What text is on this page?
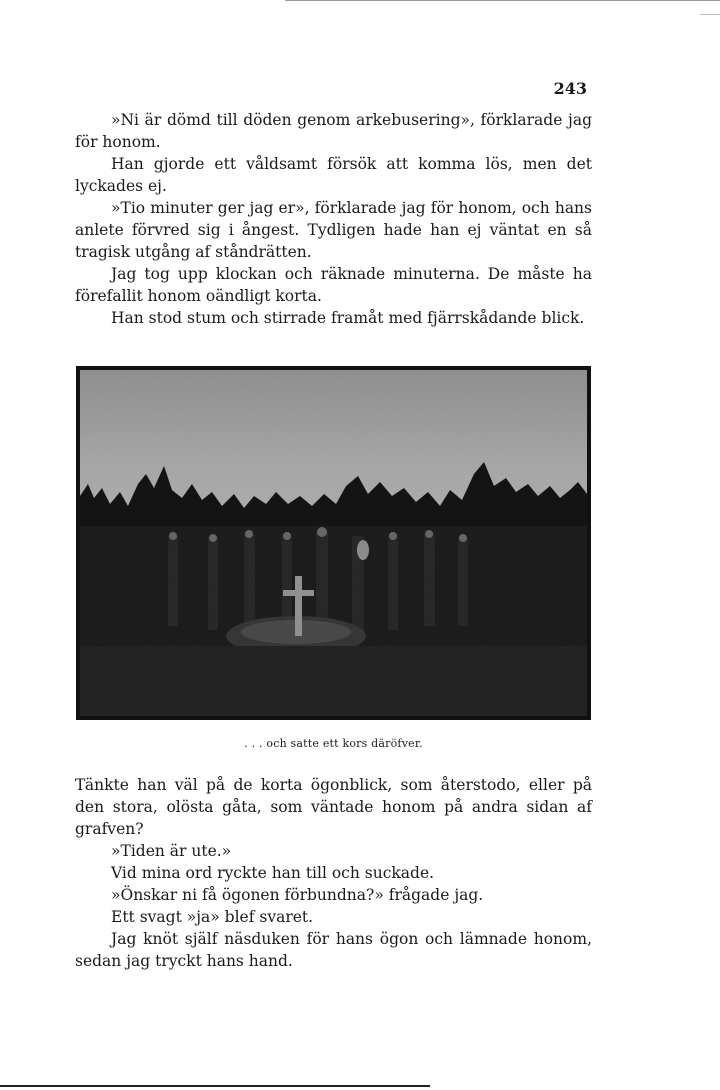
243

»Ni är dömd till döden genom arkebusering», förklarade jag för honom.

Han gjorde ett våldsamt försök att komma lös, men det lyckades ej.

»Tio minuter ger jag er», förklarade jag för honom, och hans anlete förvred sig i ångest. Tydligen hade han ej väntat en så tragisk utgång af ståndrätten.

Jag tog upp klockan och räknade minuterna. De måste ha förefallit honom oändligt korta.

Han stod stum och stirrade framåt med fjärrskådande blick.

. . . och satte ett kors däröfver.

Tänkte han väl på de korta ögonblick, som återstodo, eller på den stora, olösta gåta, som väntade honom på andra sidan af grafven?

»Tiden är ute.»

Vid mina ord ryckte han till och suckade.

»Önskar ni få ögonen förbundna?» frågade jag.

Ett svagt »ja» blef svaret.

Jag knöt själf näsduken för hans ögon och lämnade honom, sedan jag tryckt hans hand.
